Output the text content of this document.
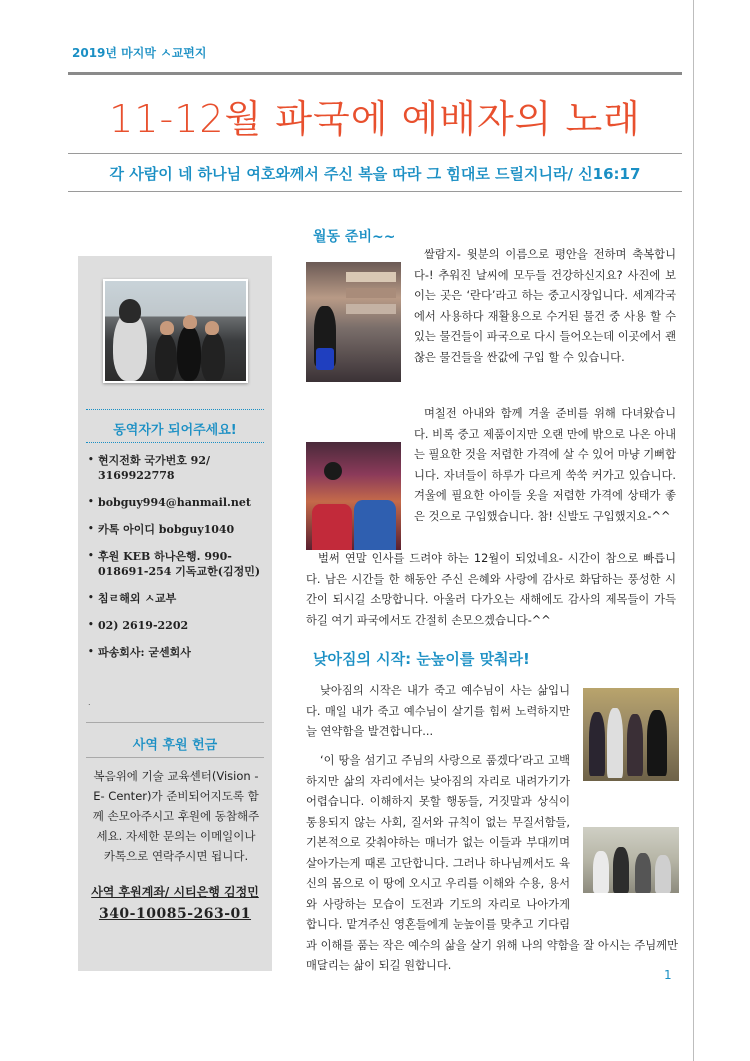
2019년 마지막 ㅅ교편지
11-12월 파국에 예배자의 노래
각 사람이 네 하나님 여호와께서 주신 복을 따라 그 힘대로 드릴지니라/ 신16:17
동역자가 되어주세요!
• 현지전화 국가번호 92/ 3169922778
• bobguy994@hanmail.net
• 카톡 아이디 bobguy1040
• 후원 KEB 하나은행. 990-018691-254 기독교한(김정민)
• 침ㄹ해외 ㅅ교부
• 02) 2619-2202
• 파송회사: 굳센회사
.
사역 후원 헌금
복음위에 기술 교육센터(Vision - E- Center)가 준비되어지도록 함께 손모아주시고 후원에 동참해주세요. 자세한 문의는 이메일이나 카톡으로 연락주시면 됩니다.
사역 후원계좌/ 시티은행 김정민
340-10085-263-01
월동 준비~~
쌀람지- 윗분의 이름으로 평안을 전하며 축복합니다-! 추워진 날씨에 모두들 건강하신지요? 사진에 보이는 곳은 ‘란다’라고 하는 중고시장입니다. 세계각국에서 사용하다 재활용으로 수거된 물건 중 사용 할 수있는 물건들이 파국으로 다시 들어오는데 이곳에서 괜찮은 물건들을 싼값에 구입 할 수 있습니다.
며칠전 아내와 함께 겨울 준비를 위해 다녀왔습니다. 비록 중고 제품이지만 오랜 만에 밖으로 나온 아내는 필요한 것을 저렴한 가격에 살 수 있어 마냥 기뻐합니다. 자녀들이 하루가 다르게 쑥쑥 커가고 있습니다. 겨울에 필요한 아이들 옷을 저렴한 가격에 상태가 좋은 것으로 구입했습니다. 참! 신발도 구입했지요-^^
벌써 연말 인사를 드려야 하는 12월이 되었네요- 시간이 참으로 빠릅니다. 남은 시간들 한 해동안 주신 은혜와 사랑에 감사로 화답하는 풍성한 시간이 되시길 소망합니다. 아울러 다가오는 새해에도 감사의 제목들이 가득하길 여기 파국에서도 간절히 손모으겠습니다-^^
낮아짐의 시작: 눈높이를 맞춰라!
낮아짐의 시작은 내가 죽고 예수님이 사는 삶입니다. 매일 내가 죽고 예수님이 살기를 힘써 노력하지만 늘 연약함을 발견합니다...
‘이 땅을 섬기고 주님의 사랑으로 품겠다’라고 고백
하지만 삶의 자리에서는 낮아짐의 자리로 내려가기가
어렵습니다. 이해하지 못할 행동들, 거짓말과 상식이
통용되지 않는 사회, 질서와 규칙이 없는 무질서함들,
기본적으로 갖춰야하는 매너가 없는 이들과 부대끼며
살아가는게 때론 고단합니다. 그러나 하나님께서도 육
신의 몸으로 이 땅에 오시고 우리를 이해와 수용, 용서
와 사랑하는 모습이 도전과 기도의 자리로 나아가게
합니다. 맡겨주신 영혼들에게 눈높이를 맞추고 기다림
과 이해를 품는 작은 예수의 삶을 살기 위해 나의 약함을 잘 아시는 주님께만
매달리는 삶이 되길 원합니다.
1
